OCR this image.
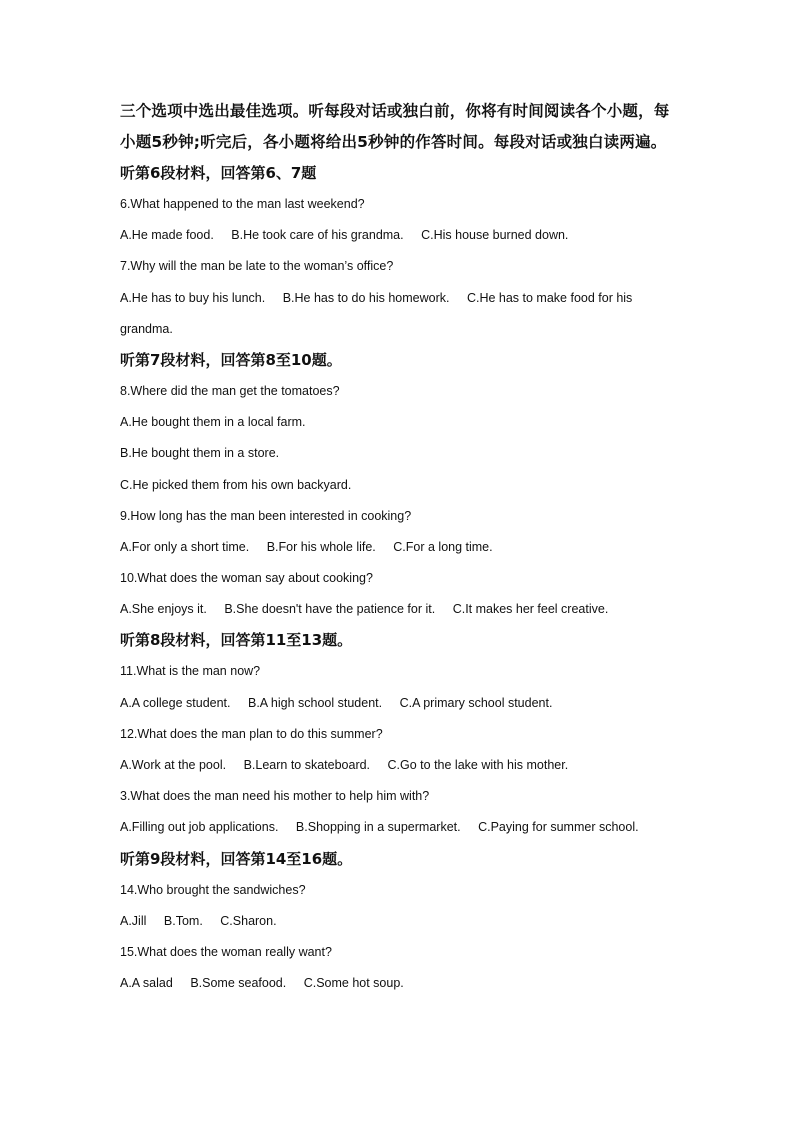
三个选项中选出最佳选项。听每段对话或独白前，你将有时间阅读各个小题，每小题5秒钟;听完后，各小题将给出5秒钟的作答时间。每段对话或独白读两遍。

听第6段材料，回答第6、7题

6.What happened to the man last weekend?

A.He made food. B.He took care of his grandma. C.His house burned down.

7.Why will the man be late to the woman’s office?

A.He has to buy his lunch. B.He has to do his homework. C.He has to make food for his

grandma.

听第7段材料，回答第8至10题。

8.Where did the man get the tomatoes?

A.He bought them in a local farm.

B.He bought them in a store.

C.He picked them from his own backyard.

9.How long has the man been interested in cooking?

A.For only a short time. B.For his whole life. C.For a long time.

10.What does the woman say about cooking?

A.She enjoys it. B.She doesn't have the patience for it. C.It makes her feel creative.

听第8段材料，回答第11至13题。

11.What is the man now?

A.A college student. B.A high school student. C.A primary school student.

12.What does the man plan to do this summer?

A.Work at the pool. B.Learn to skateboard. C.Go to the lake with his mother.

3.What does the man need his mother to help him with?

A.Filling out job applications. B.Shopping in a supermarket. C.Paying for summer school.

听第9段材料，回答第14至16题。

14.Who brought the sandwiches?

A.Jill B.Tom. C.Sharon.

15.What does the woman really want?

A.A salad B.Some seafood. C.Some hot soup.
